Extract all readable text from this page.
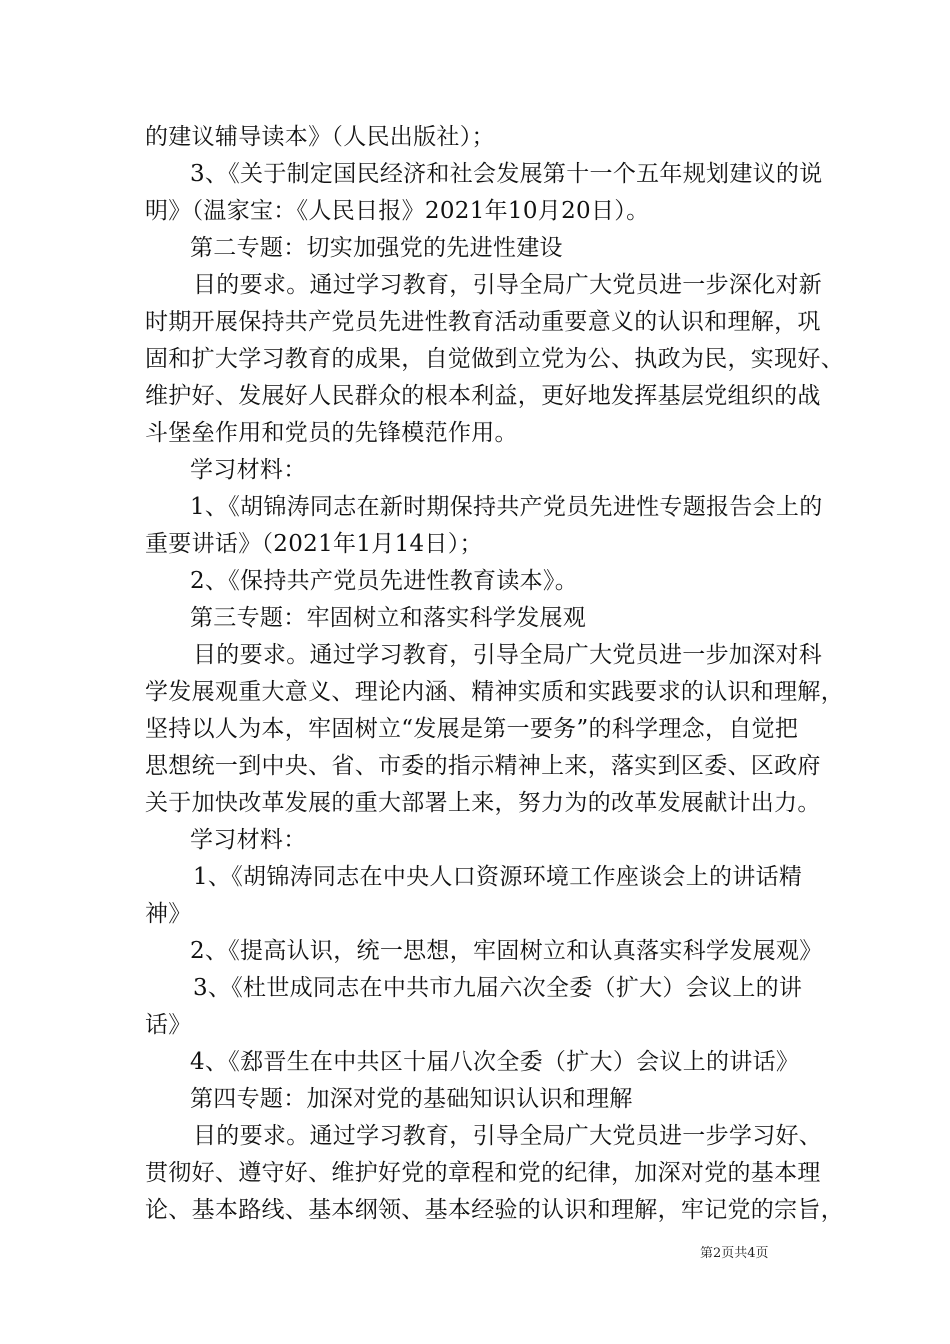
的建议辅导读本》（人民出版社）；
3、《关于制定国民经济和社会发展第十一个五年规划建议的说
明》（温家宝：《人民日报》2021年10月20日）。
第二专题：切实加强党的先进性建设
目的要求。通过学习教育，引导全局广大党员进一步深化对新
时期开展保持共产党员先进性教育活动重要意义的认识和理解，巩
固和扩大学习教育的成果，自觉做到立党为公、执政为民，实现好、
维护好、发展好人民群众的根本利益，更好地发挥基层党组织的战
斗堡垒作用和党员的先锋模范作用。
学习材料：
1、《胡锦涛同志在新时期保持共产党员先进性专题报告会上的
重要讲话》（2021年1月14日）；
2、《保持共产党员先进性教育读本》。
第三专题：牢固树立和落实科学发展观
目的要求。通过学习教育，引导全局广大党员进一步加深对科
学发展观重大意义、理论内涵、精神实质和实践要求的认识和理解，
坚持以人为本，牢固树立“发展是第一要务”的科学理念，自觉把
思想统一到中央、省、市委的指示精神上来，落实到区委、区政府
关于加快改革发展的重大部署上来，努力为的改革发展献计出力。
学习材料：
1、《胡锦涛同志在中央人口资源环境工作座谈会上的讲话精
神》
2、《提高认识，统一思想，牢固树立和认真落实科学发展观》
3、《杜世成同志在中共市九届六次全委（扩大）会议上的讲
话》
4、《郄晋生在中共区十届八次全委（扩大）会议上的讲话》
第四专题：加深对党的基础知识认识和理解
目的要求。通过学习教育，引导全局广大党员进一步学习好、
贯彻好、遵守好、维护好党的章程和党的纪律，加深对党的基本理
论、基本路线、基本纲领、基本经验的认识和理解，牢记党的宗旨，
第2页共4页
